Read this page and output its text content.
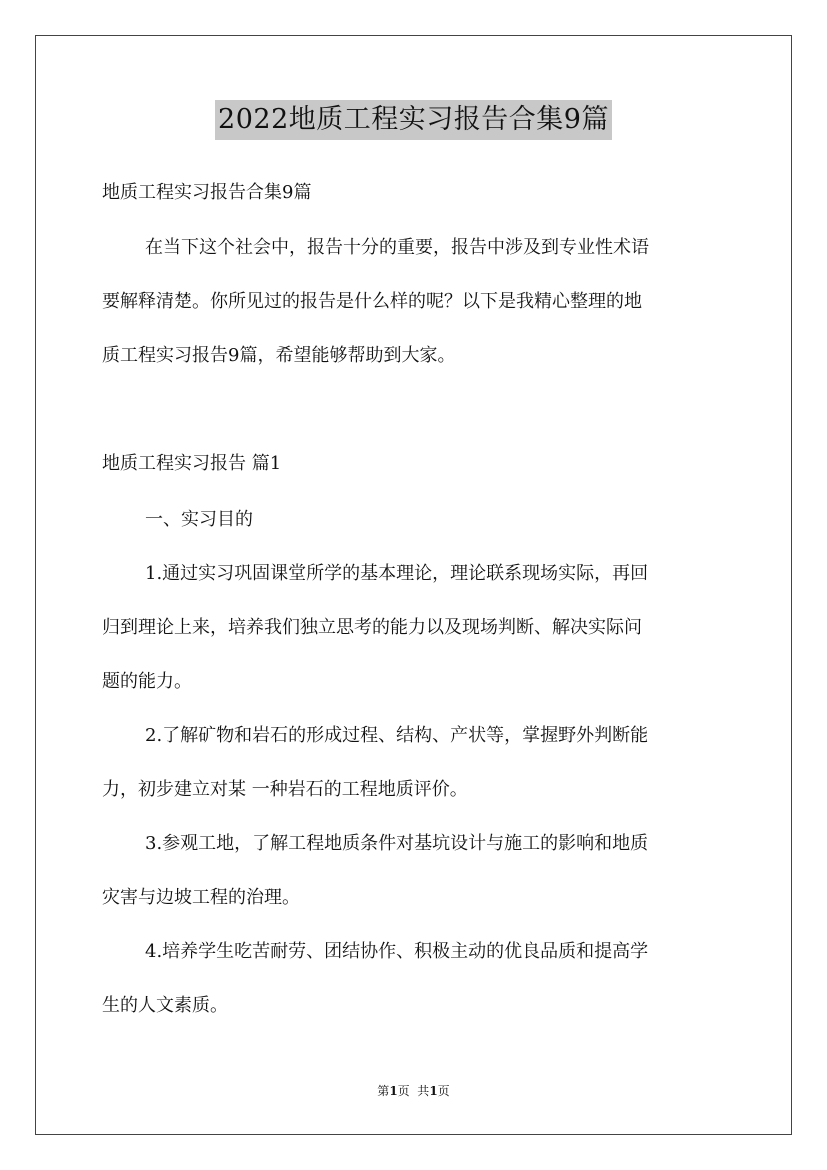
2022地质工程实习报告合集9篇

地质工程实习报告合集9篇

在当下这个社会中，报告十分的重要，报告中涉及到专业性术语

要解释清楚。你所见过的报告是什么样的呢？以下是我精心整理的地

质工程实习报告9篇，希望能够帮助到大家。

地质工程实习报告 篇1

一、实习目的

1.通过实习巩固课堂所学的基本理论，理论联系现场实际，再回

归到理论上来，培养我们独立思考的能力以及现场判断、解决实际问

题的能力。

2.了解矿物和岩石的形成过程、结构、产状等，掌握野外判断能

力，初步建立对某 一种岩石的工程地质评价。

3.参观工地，了解工程地质条件对基坑设计与施工的影响和地质

灾害与边坡工程的治理。

4.培养学生吃苦耐劳、团结协作、积极主动的优良品质和提高学

生的人文素质。

第1页  共1页
